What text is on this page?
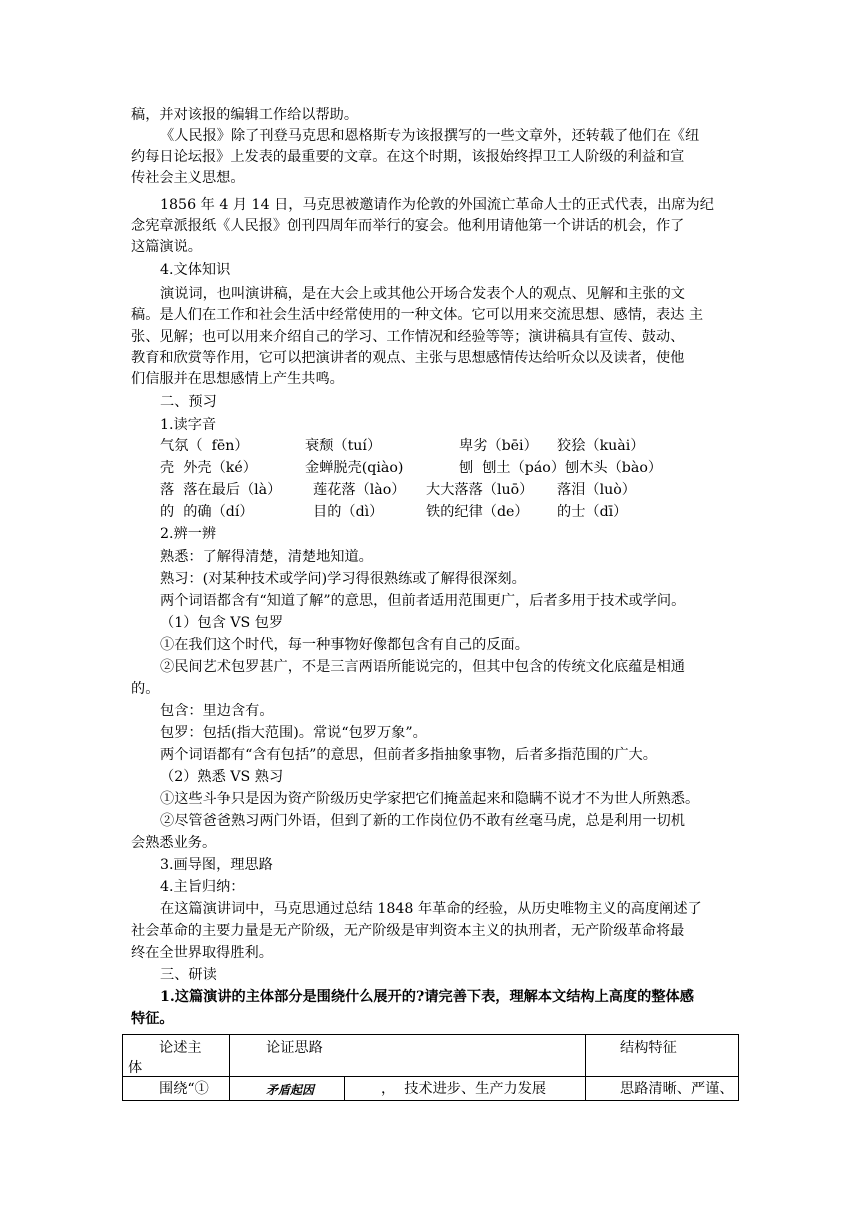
稿，并对该报的编辑工作给以帮助。
《人民报》除了刊登马克思和恩格斯专为该报撰写的一些文章外，还转载了他们在《纽
约每日论坛报》上发表的最重要的文章。在这个时期，该报始终捍卫工人阶级的利益和宣
传社会主义思想。
1856 年 4 月 14 日，马克思被邀请作为伦敦的外国流亡革命人士的正式代表，出席为纪
念宪章派报纸《人民报》创刊四周年而举行的宴会。他利用请他第一个讲话的机会，作了
这篇演说。
4.文体知识
演说词，也叫演讲稿，是在大会上或其他公开场合发表个人的观点、见解和主张的文
稿。是人们在工作和社会生活中经常使用的一种文体。它可以用来交流思想、感情，表达 主
张、见解；也可以用来介绍自己的学习、工作情况和经验等等；演讲稿具有宣传、鼓动、
教育和欣赏等作用，它可以把演讲者的观点、主张与思想感情传达给听众以及读者，使他
们信服并在思想感情上产生共鸣。
二、预习
1.读字音
气氛（  fēn）	衰颓（tuí）	卑劣（bēi） 狡狯（kuài）
壳  外壳（ké）	金蝉脱壳(qiào)	刨  刨土（páo）刨木头（bào）
落  落在最后（là） 莲花落（lào） 大大落落（luō） 落泪（luò）
的  的确（dí）	目的（dì）	铁的纪律（de） 的士（dī）
2.辨一辨
熟悉：了解得清楚，清楚地知道。
熟习：(对某种技术或学问)学习得很熟练或了解得很深刻。
两个词语都含有“知道了解”的意思，但前者适用范围更广，后者多用于技术或学问。
（1）包含 VS 包罗
①在我们这个时代，每一种事物好像都包含有自己的反面。
②民间艺术包罗甚广，不是三言两语所能说完的，但其中包含的传统文化底蕴是相通
的。
包含：里边含有。
包罗：包括(指大范围)。常说“包罗万象”。
两个词语都有“含有包括”的意思，但前者多指抽象事物，后者多指范围的广大。
（2）熟悉 VS 熟习
①这些斗争只是因为资产阶级历史学家把它们掩盖起来和隐瞒不说才不为世人所熟悉。
②尽管爸爸熟习两门外语，但到了新的工作岗位仍不敢有丝毫马虎，总是利用一切机
会熟悉业务。
3.画导图，理思路
4.主旨归纳：
在这篇演讲词中，马克思通过总结 1848 年革命的经验，从历史唯物主义的高度阐述了
社会革命的主要力量是无产阶级，无产阶级是审判资本主义的执刑者，无产阶级革命将最
终在全世界取得胜利。
三、研读
1.这篇演讲的主体部分是围绕什么展开的?请完善下表，理解本文结构上高度的整体感
特征。
论述主
体	论证思路		结构特征

围绕“①	矛盾起因	，  技术进步、生产力发展	思路清晰、严谨、
